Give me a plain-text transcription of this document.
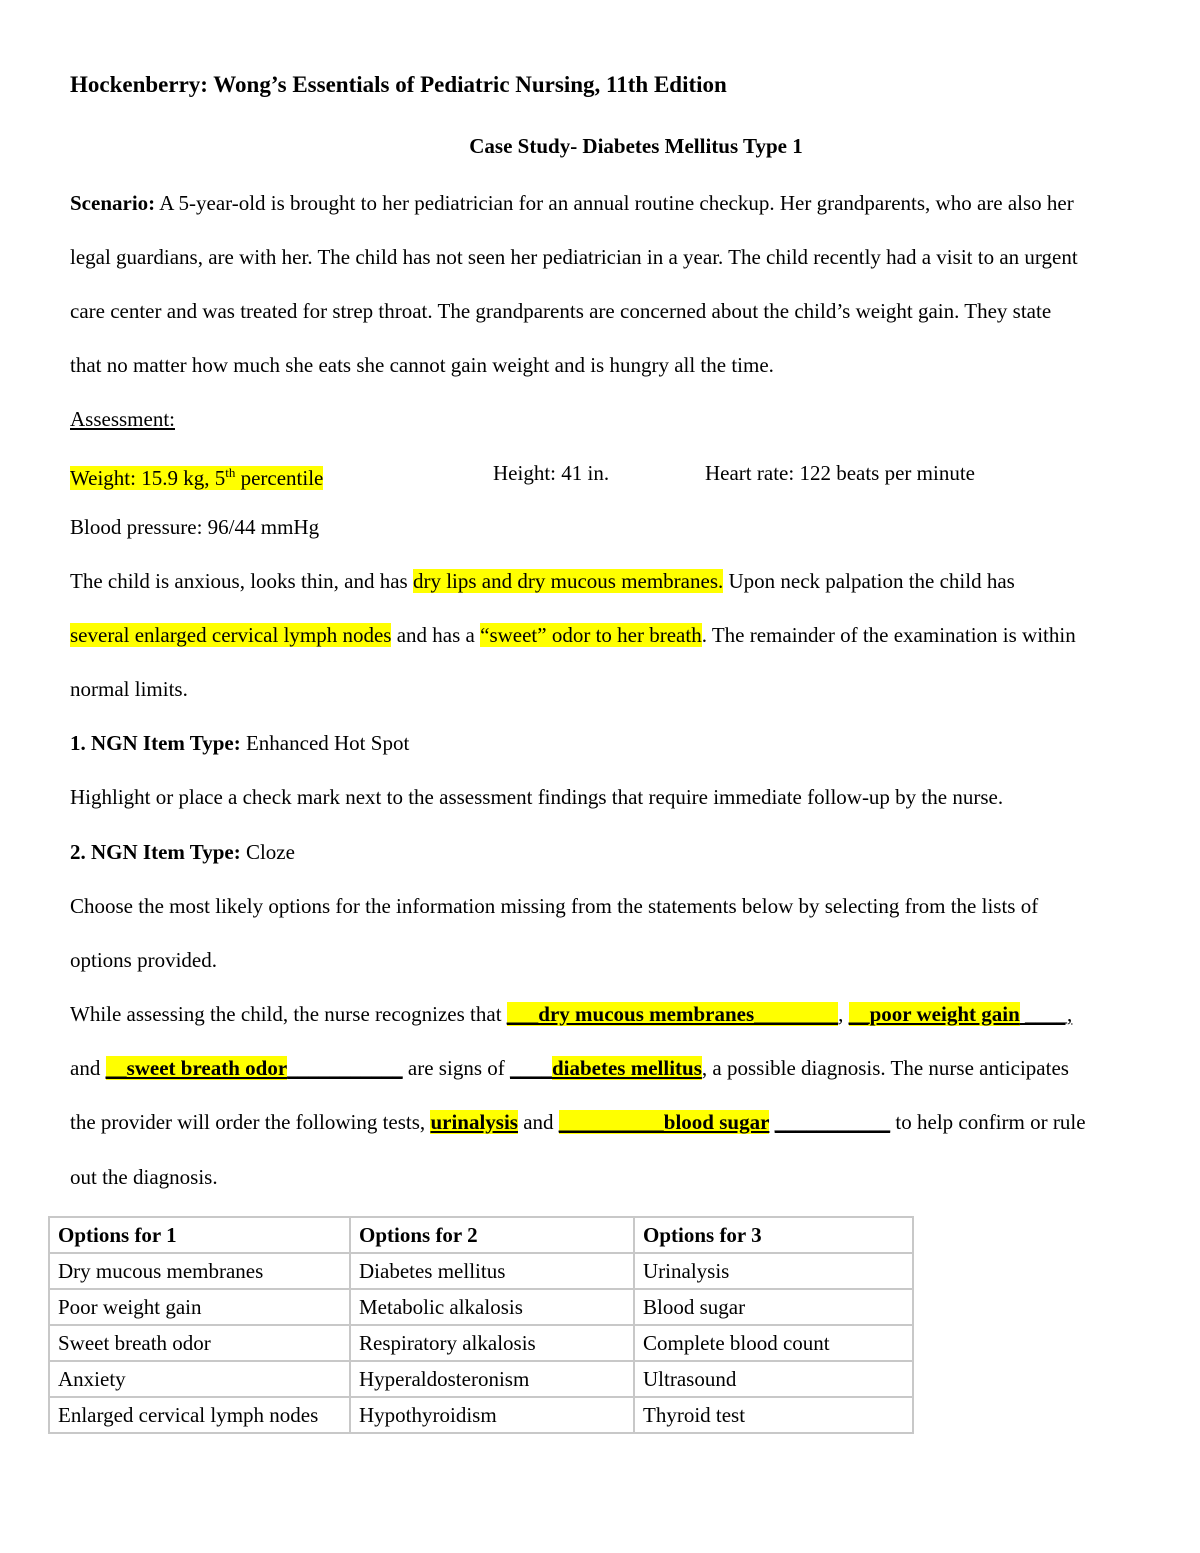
Hockenberry: Wong’s Essentials of Pediatric Nursing, 11th Edition
Case Study- Diabetes Mellitus Type 1
Scenario: A 5-year-old is brought to her pediatrician for an annual routine checkup. Her grandparents, who are also her
legal guardians, are with her. The child has not seen her pediatrician in a year. The child recently had a visit to an urgent
care center and was treated for strep throat. The grandparents are concerned about the child’s weight gain. They state
that no matter how much she eats she cannot gain weight and is hungry all the time.
Assessment:
Weight: 15.9 kg, 5th percentile	Height: 41 in.	Heart rate: 122 beats per minute
Blood pressure: 96/44 mmHg
The child is anxious, looks thin, and has dry lips and dry mucous membranes. Upon neck palpation the child has
several enlarged cervical lymph nodes and has a “sweet” odor to her breath. The remainder of the examination is within
normal limits.
1. NGN Item Type: Enhanced Hot Spot
Highlight or place a check mark next to the assessment findings that require immediate follow-up by the nurse.
2. NGN Item Type: Cloze
Choose the most likely options for the information missing from the statements below by selecting from the lists of
options provided.
While assessing the child, the nurse recognizes that ___dry mucous membranes________, __poor weight gain ____,
and __sweet breath odor___________ are signs of ____diabetes mellitus, a possible diagnosis. The nurse anticipates
the provider will order the following tests, urinalysis and __________blood sugar ___________ to help confirm or rule
out the diagnosis.
Options for 1	Options for 2	Options for 3
Dry mucous membranes	Diabetes mellitus	Urinalysis
Poor weight gain	Metabolic alkalosis	Blood sugar
Sweet breath odor	Respiratory alkalosis	Complete blood count
Anxiety	Hyperaldosteronism	Ultrasound
Enlarged cervical lymph nodes	Hypothyroidism	Thyroid test
